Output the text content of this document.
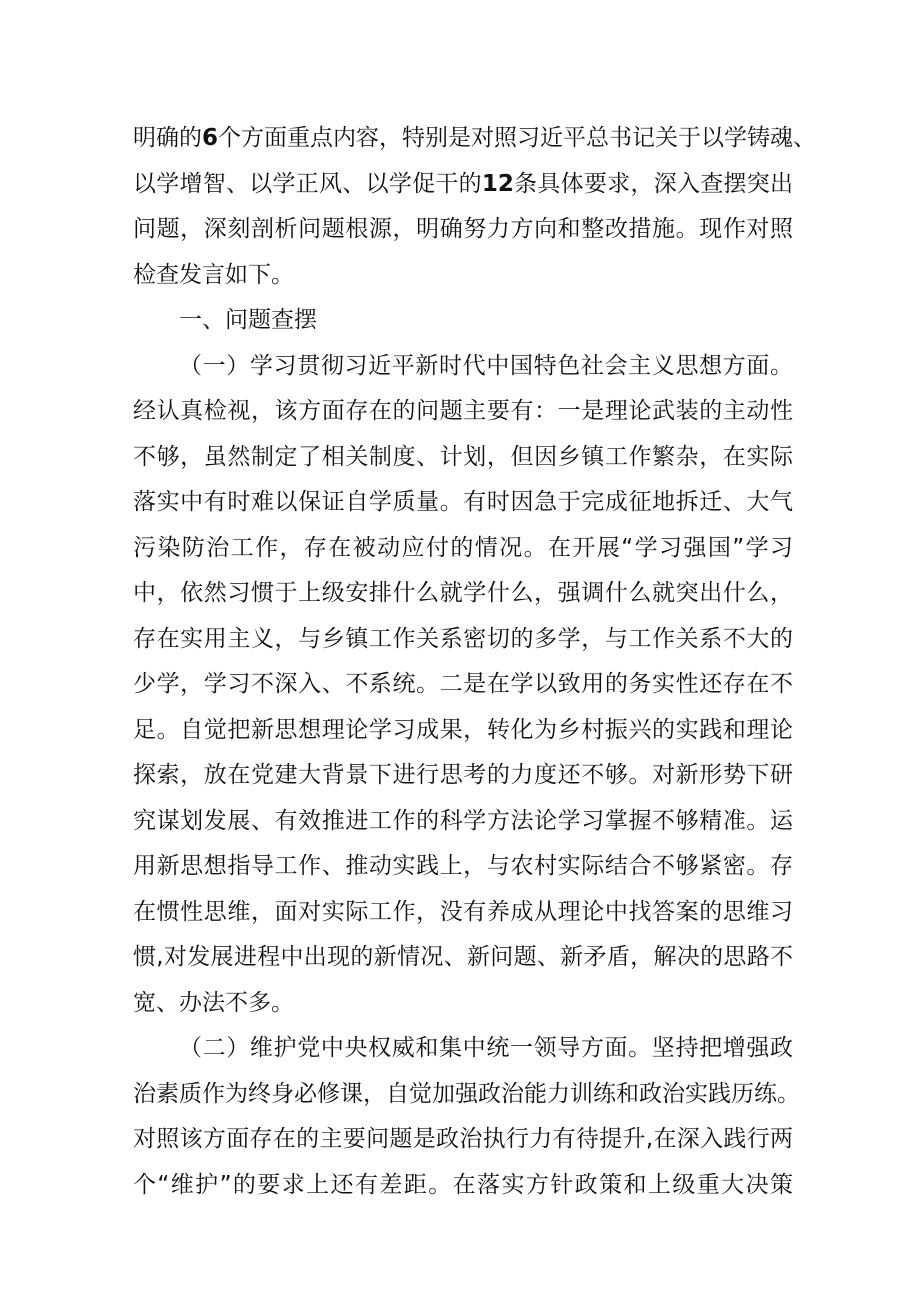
明确的6个方面重点内容，特别是对照习近平总书记关于以学铸魂、
以学增智、以学正风、以学促干的12条具体要求，深入查摆突出
问题，深刻剖析问题根源，明确努力方向和整改措施。现作对照
检查发言如下。
一、问题查摆
（一）学习贯彻习近平新时代中国特色社会主义思想方面。
经认真检视，该方面存在的问题主要有：一是理论武装的主动性
不够，虽然制定了相关制度、计划，但因乡镇工作繁杂，在实际
落实中有时难以保证自学质量。有时因急于完成征地拆迁、大气
污染防治工作，存在被动应付的情况。在开展“学习强国”学习
中，依然习惯于上级安排什么就学什么，强调什么就突出什么，
存在实用主义，与乡镇工作关系密切的多学，与工作关系不大的
少学，学习不深入、不系统。二是在学以致用的务实性还存在不
足。自觉把新思想理论学习成果，转化为乡村振兴的实践和理论
探索，放在党建大背景下进行思考的力度还不够。对新形势下研
究谋划发展、有效推进工作的科学方法论学习掌握不够精准。运
用新思想指导工作、推动实践上，与农村实际结合不够紧密。存
在惯性思维，面对实际工作，没有养成从理论中找答案的思维习
惯,对发展进程中出现的新情况、新问题、新矛盾，解决的思路不
宽、办法不多。
（二）维护党中央权威和集中统一领导方面。坚持把增强政
治素质作为终身必修课，自觉加强政治能力训练和政治实践历练。
对照该方面存在的主要问题是政治执行力有待提升,在深入践行两
个“维护”的要求上还有差距。在落实方针政策和上级重大决策
